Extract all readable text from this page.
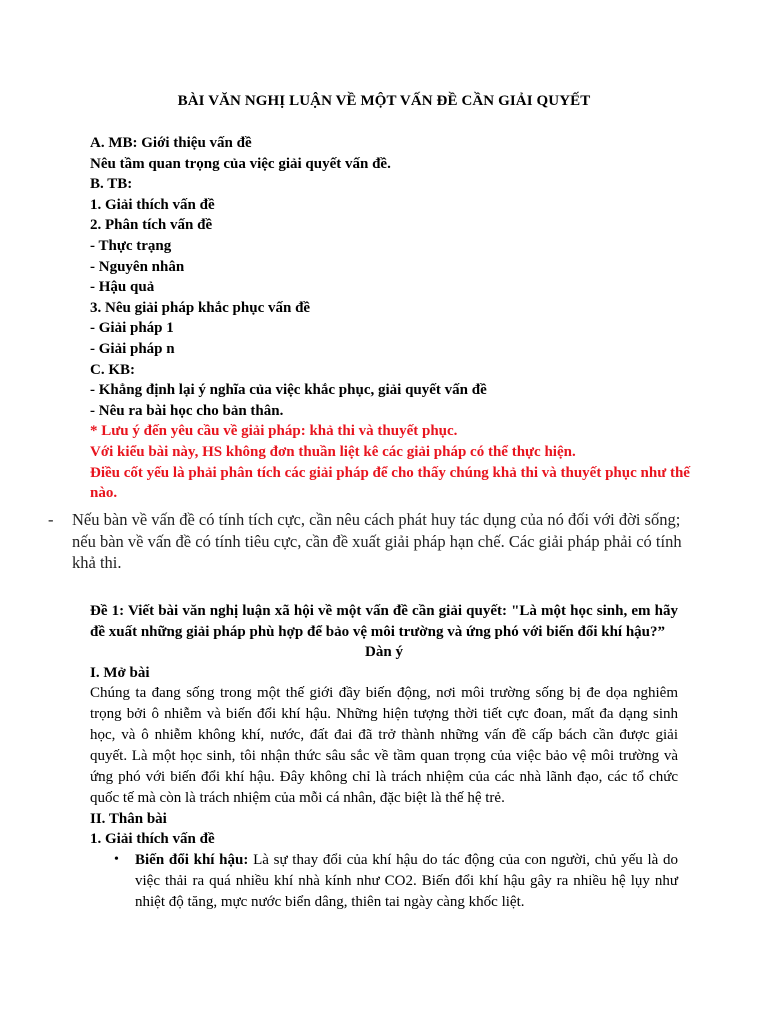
BÀI VĂN NGHỊ LUẬN VỀ MỘT VẤN ĐỀ CẦN GIẢI QUYẾT
A. MB: Giới thiệu vấn đề
Nêu tầm quan trọng của việc giải quyết vấn đề.
B. TB:
1. Giải thích vấn đề
2. Phân tích vấn đề
- Thực trạng
- Nguyên nhân
- Hậu quả
3. Nêu giải pháp khắc phục vấn đề
- Giải pháp 1
- Giải pháp n
C. KB:
- Khẳng định lại ý nghĩa của việc khắc phục, giải quyết vấn đề
- Nêu ra bài học cho bản thân.
* Lưu ý đến yêu cầu về giải pháp: khả thi và thuyết phục.
Với kiểu bài này, HS không đơn thuần liệt kê các giải pháp có thể thực hiện.
Điều cốt yếu là phải phân tích các giải pháp để cho thấy chúng khả thi và thuyết phục như thế nào.
- Nếu bàn về vấn đề có tính tích cực, cần nêu cách phát huy tác dụng của nó đối với đời sống; nếu bàn về vấn đề có tính tiêu cực, cần đề xuất giải pháp hạn chế. Các giải pháp phải có tính khả thi.
Đề 1: Viết bài văn nghị luận xã hội về một vấn đề cần giải quyết: "Là một học sinh, em hãy đề xuất những giải pháp phù hợp để bảo vệ môi trường và ứng phó với biến đổi khí hậu?”
Dàn ý
I. Mở bài
Chúng ta đang sống trong một thế giới đầy biến động, nơi môi trường sống bị đe dọa nghiêm trọng bởi ô nhiễm và biến đổi khí hậu. Những hiện tượng thời tiết cực đoan, mất đa dạng sinh học, và ô nhiễm không khí, nước, đất đai đã trở thành những vấn đề cấp bách cần được giải quyết. Là một học sinh, tôi nhận thức sâu sắc về tầm quan trọng của việc bảo vệ môi trường và ứng phó với biến đổi khí hậu. Đây không chỉ là trách nhiệm của các nhà lãnh đạo, các tổ chức quốc tế mà còn là trách nhiệm của mỗi cá nhân, đặc biệt là thế hệ trẻ.
II. Thân bài
1. Giải thích vấn đề
• Biến đổi khí hậu: Là sự thay đổi của khí hậu do tác động của con người, chủ yếu là do việc thải ra quá nhiều khí nhà kính như CO2. Biến đổi khí hậu gây ra nhiều hệ lụy như nhiệt độ tăng, mực nước biển dâng, thiên tai ngày càng khốc liệt.
